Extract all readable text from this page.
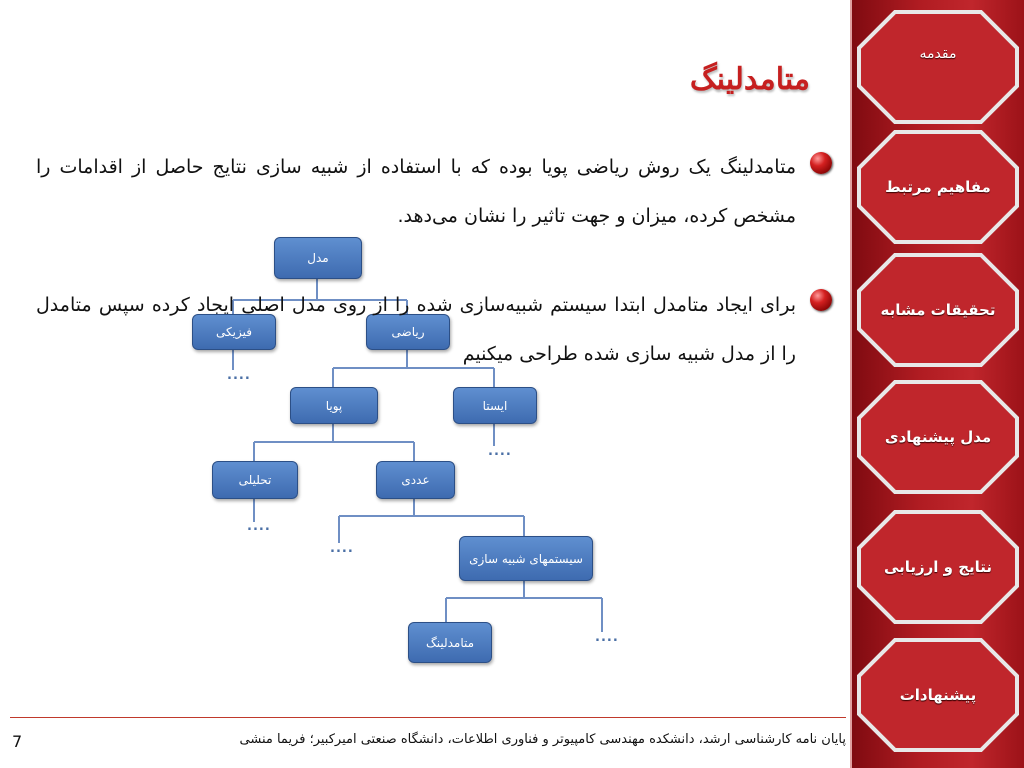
مقدمه
مفاهیم مرتبط
تحقیقات مشابه
مدل پیشنهادی
نتایج و ارزیابی
پیشنهادات
متامدلینگ
مدل
فیزیکی	ریاضی
پویا	ایستا
تحلیلی	عددی
سیستمهای شبیه سازی
متامدلینگ
....
....
....
....
....
متامدلینگ یک روش ریاضی پویا بوده که با استفاده از شبیه سازی نتایج حاصل از اقدامات را مشخص کرده، میزان و جهت تاثیر را نشان می‌دهد.
برای ایجاد متامدل ابتدا سیستم شبیه‌سازی شده را از روی مدل اصلی ایجاد کرده سپس متامدل را از مدل شبیه سازی شده طراحی میکنیم
پایان نامه کارشناسی ارشد، دانشکده مهندسی کامپیوتر و فناوری اطلاعات، دانشگاه صنعتی امیرکبیر؛ فریما منشی
7
